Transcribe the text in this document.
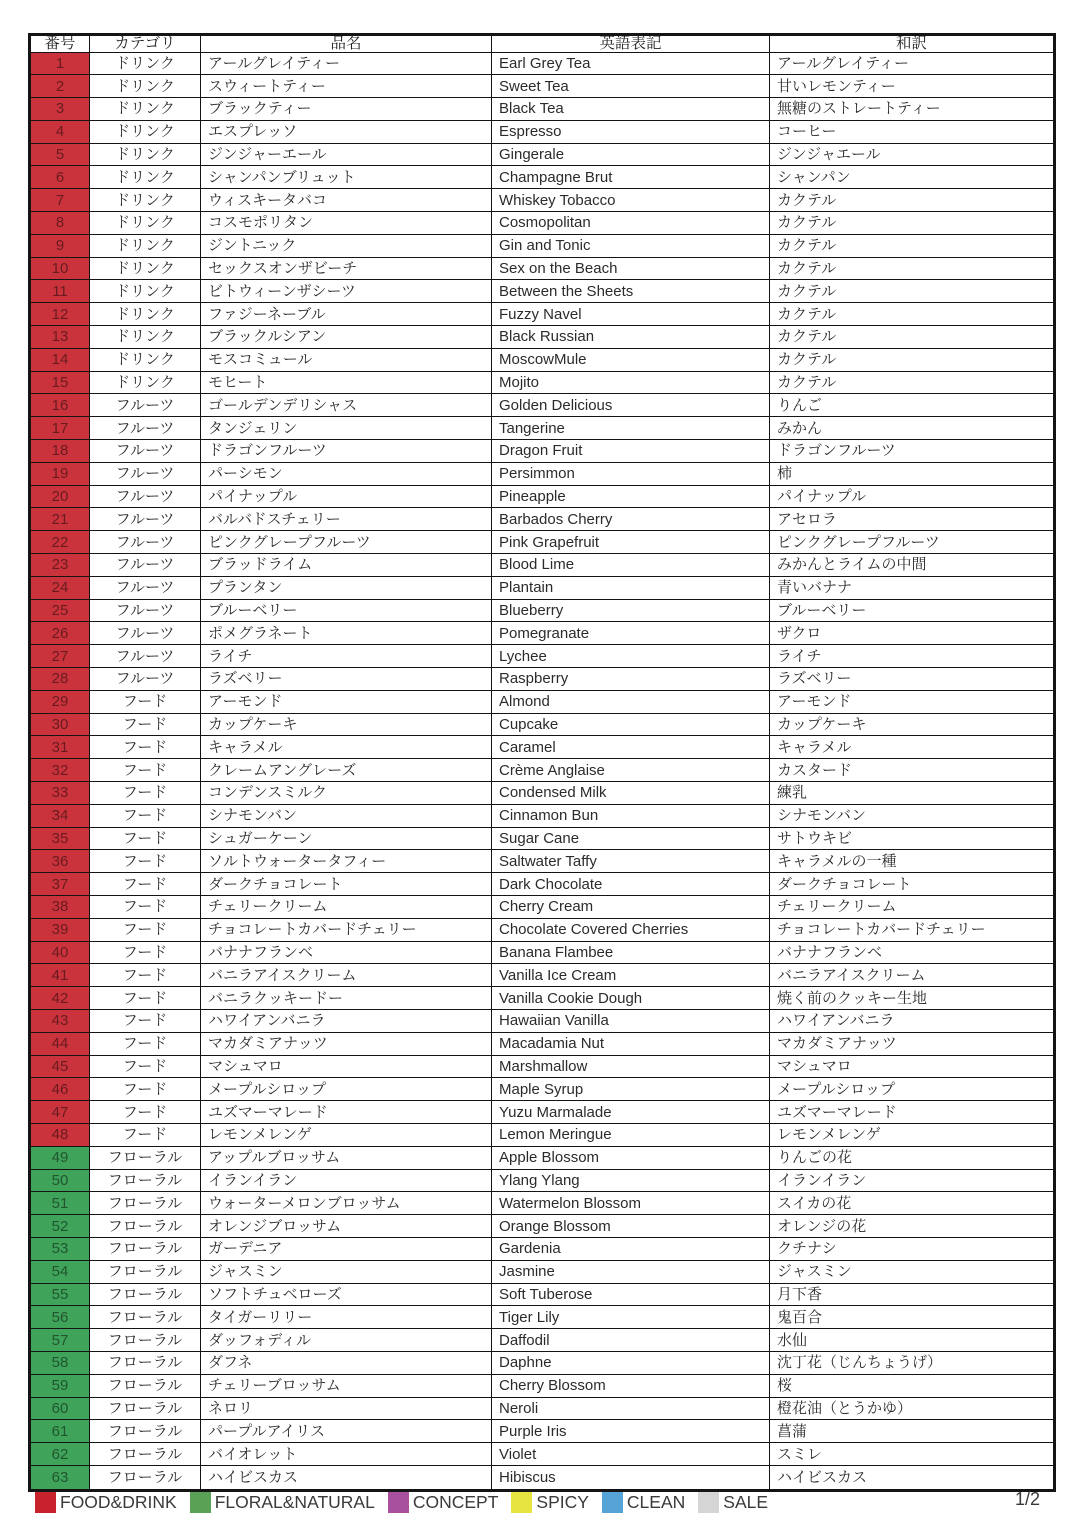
番号	カテゴリ	品名	英語表記	和訳
1	ドリンク	アールグレイティー	Earl Grey Tea	アールグレイティー
2	ドリンク	スウィートティー	Sweet Tea	甘いレモンティー
3	ドリンク	ブラックティー	Black Tea	無糖のストレートティー
4	ドリンク	エスプレッソ	Espresso	コーヒー
5	ドリンク	ジンジャーエール	Gingerale	ジンジャエール
6	ドリンク	シャンパンブリュット	Champagne Brut	シャンパン
7	ドリンク	ウィスキータバコ	Whiskey Tobacco	カクテル
8	ドリンク	コスモポリタン	Cosmopolitan	カクテル
9	ドリンク	ジントニック	Gin and Tonic	カクテル
10	ドリンク	セックスオンザビーチ	Sex on the Beach	カクテル
11	ドリンク	ビトウィーンザシーツ	Between the Sheets	カクテル
12	ドリンク	ファジーネーブル	Fuzzy Navel	カクテル
13	ドリンク	ブラックルシアン	Black Russian	カクテル
14	ドリンク	モスコミュール	MoscowMule	カクテル
15	ドリンク	モヒート	Mojito	カクテル
16	フルーツ	ゴールデンデリシャス	Golden Delicious	りんご
17	フルーツ	タンジェリン	Tangerine	みかん
18	フルーツ	ドラゴンフルーツ	Dragon Fruit	ドラゴンフルーツ
19	フルーツ	パーシモン	Persimmon	柿
20	フルーツ	パイナップル	Pineapple	パイナップル
21	フルーツ	バルバドスチェリー	Barbados Cherry	アセロラ
22	フルーツ	ピンクグレープフルーツ	Pink Grapefruit	ピンクグレープフルーツ
23	フルーツ	ブラッドライム	Blood Lime	みかんとライムの中間
24	フルーツ	プランタン	Plantain	青いバナナ
25	フルーツ	ブルーベリー	Blueberry	ブルーベリー
26	フルーツ	ポメグラネート	Pomegranate	ザクロ
27	フルーツ	ライチ	Lychee	ライチ
28	フルーツ	ラズベリー	Raspberry	ラズベリー
29	フード	アーモンド	Almond	アーモンド
30	フード	カップケーキ	Cupcake	カップケーキ
31	フード	キャラメル	Caramel	キャラメル
32	フード	クレームアングレーズ	Crème Anglaise	カスタード
33	フード	コンデンスミルク	Condensed Milk	練乳
34	フード	シナモンバン	Cinnamon Bun	シナモンバン
35	フード	シュガーケーン	Sugar Cane	サトウキビ
36	フード	ソルトウォータータフィー	Saltwater Taffy	キャラメルの一種
37	フード	ダークチョコレート	Dark Chocolate	ダークチョコレート
38	フード	チェリークリーム	Cherry Cream	チェリークリーム
39	フード	チョコレートカバードチェリー	Chocolate Covered Cherries	チョコレートカバードチェリー
40	フード	バナナフランベ	Banana Flambee	バナナフランベ
41	フード	バニラアイスクリーム	Vanilla Ice Cream	バニラアイスクリーム
42	フード	バニラクッキードー	Vanilla Cookie Dough	焼く前のクッキー生地
43	フード	ハワイアンバニラ	Hawaiian Vanilla	ハワイアンバニラ
44	フード	マカダミアナッツ	Macadamia Nut	マカダミアナッツ
45	フード	マシュマロ	Marshmallow	マシュマロ
46	フード	メープルシロップ	Maple Syrup	メープルシロップ
47	フード	ユズマーマレード	Yuzu Marmalade	ユズマーマレード
48	フード	レモンメレンゲ	Lemon Meringue	レモンメレンゲ
49	フローラル	アップルブロッサム	Apple Blossom	りんごの花
50	フローラル	イランイラン	Ylang Ylang	イランイラン
51	フローラル	ウォーターメロンブロッサム	Watermelon Blossom	スイカの花
52	フローラル	オレンジブロッサム	Orange Blossom	オレンジの花
53	フローラル	ガーデニア	Gardenia	クチナシ
54	フローラル	ジャスミン	Jasmine	ジャスミン
55	フローラル	ソフトチュベローズ	Soft Tuberose	月下香
56	フローラル	タイガーリリー	Tiger Lily	鬼百合
57	フローラル	ダッフォディル	Daffodil	水仙
58	フローラル	ダフネ	Daphne	沈丁花（じんちょうげ）
59	フローラル	チェリーブロッサム	Cherry Blossom	桜
60	フローラル	ネロリ	Neroli	橙花油（とうかゆ）
61	フローラル	パープルアイリス	Purple Iris	菖蒲
62	フローラル	バイオレット	Violet	スミレ
63	フローラル	ハイビスカス	Hibiscus	ハイビスカス
FOOD&DRINK FLORAL&NATURAL CONCEPT SPICY CLEAN SALE	1/2
